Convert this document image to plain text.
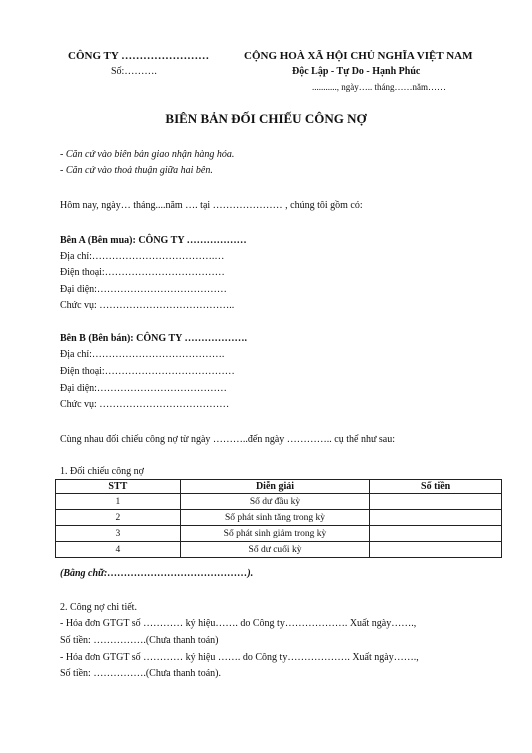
CÔNG TY ……………………
Số:……….
CỘNG HOÀ XÃ HỘI CHỦ NGHĨA VIỆT NAM
Độc Lập - Tự Do - Hạnh Phúc
..........., ngày….. tháng……năm……
BIÊN BẢN ĐỐI CHIẾU CÔNG NỢ
- Căn cứ vào biên bản giao nhận hàng hóa.
- Căn cứ vào thoả thuận giữa hai bên.
Hôm nay, ngày… tháng....năm …. tại ………………… , chúng tôi gồm có:
Bên A (Bên mua): CÔNG TY ………………
Địa chỉ:……………………………….…
Điện thoại:………………………………
Đại diện:…………………………………
Chức vụ: …………………………………..
Bên B (Bên bán): CÔNG TY ……………….
Địa chỉ:………………………………….
Điện thoại:…………………………………
Đại diện:…………………………………
Chức vụ: …………………………………
Cùng nhau đối chiếu công nợ từ ngày ………..đến ngày ………….. cụ thể như sau:
1. Đối chiếu công nợ
STT	Diễn giải	Số tiền
1	Số dư đầu kỳ	
2	Số phát sinh tăng trong kỳ	
3	Số phát sinh giảm trong kỳ	
4	Số dư cuối kỳ	
(Bằng chữ:……………………………………).
2. Công nợ chi tiết.
- Hóa đơn GTGT số ………… ký hiệu……. do Công ty………………. Xuất ngày…….,
Số tiền: …………….(Chưa thanh toán)
- Hóa đơn GTGT số ………… ký hiệu ……. do Công ty………………. Xuất ngày…….,
Số tiền: …………….(Chưa thanh toán).
